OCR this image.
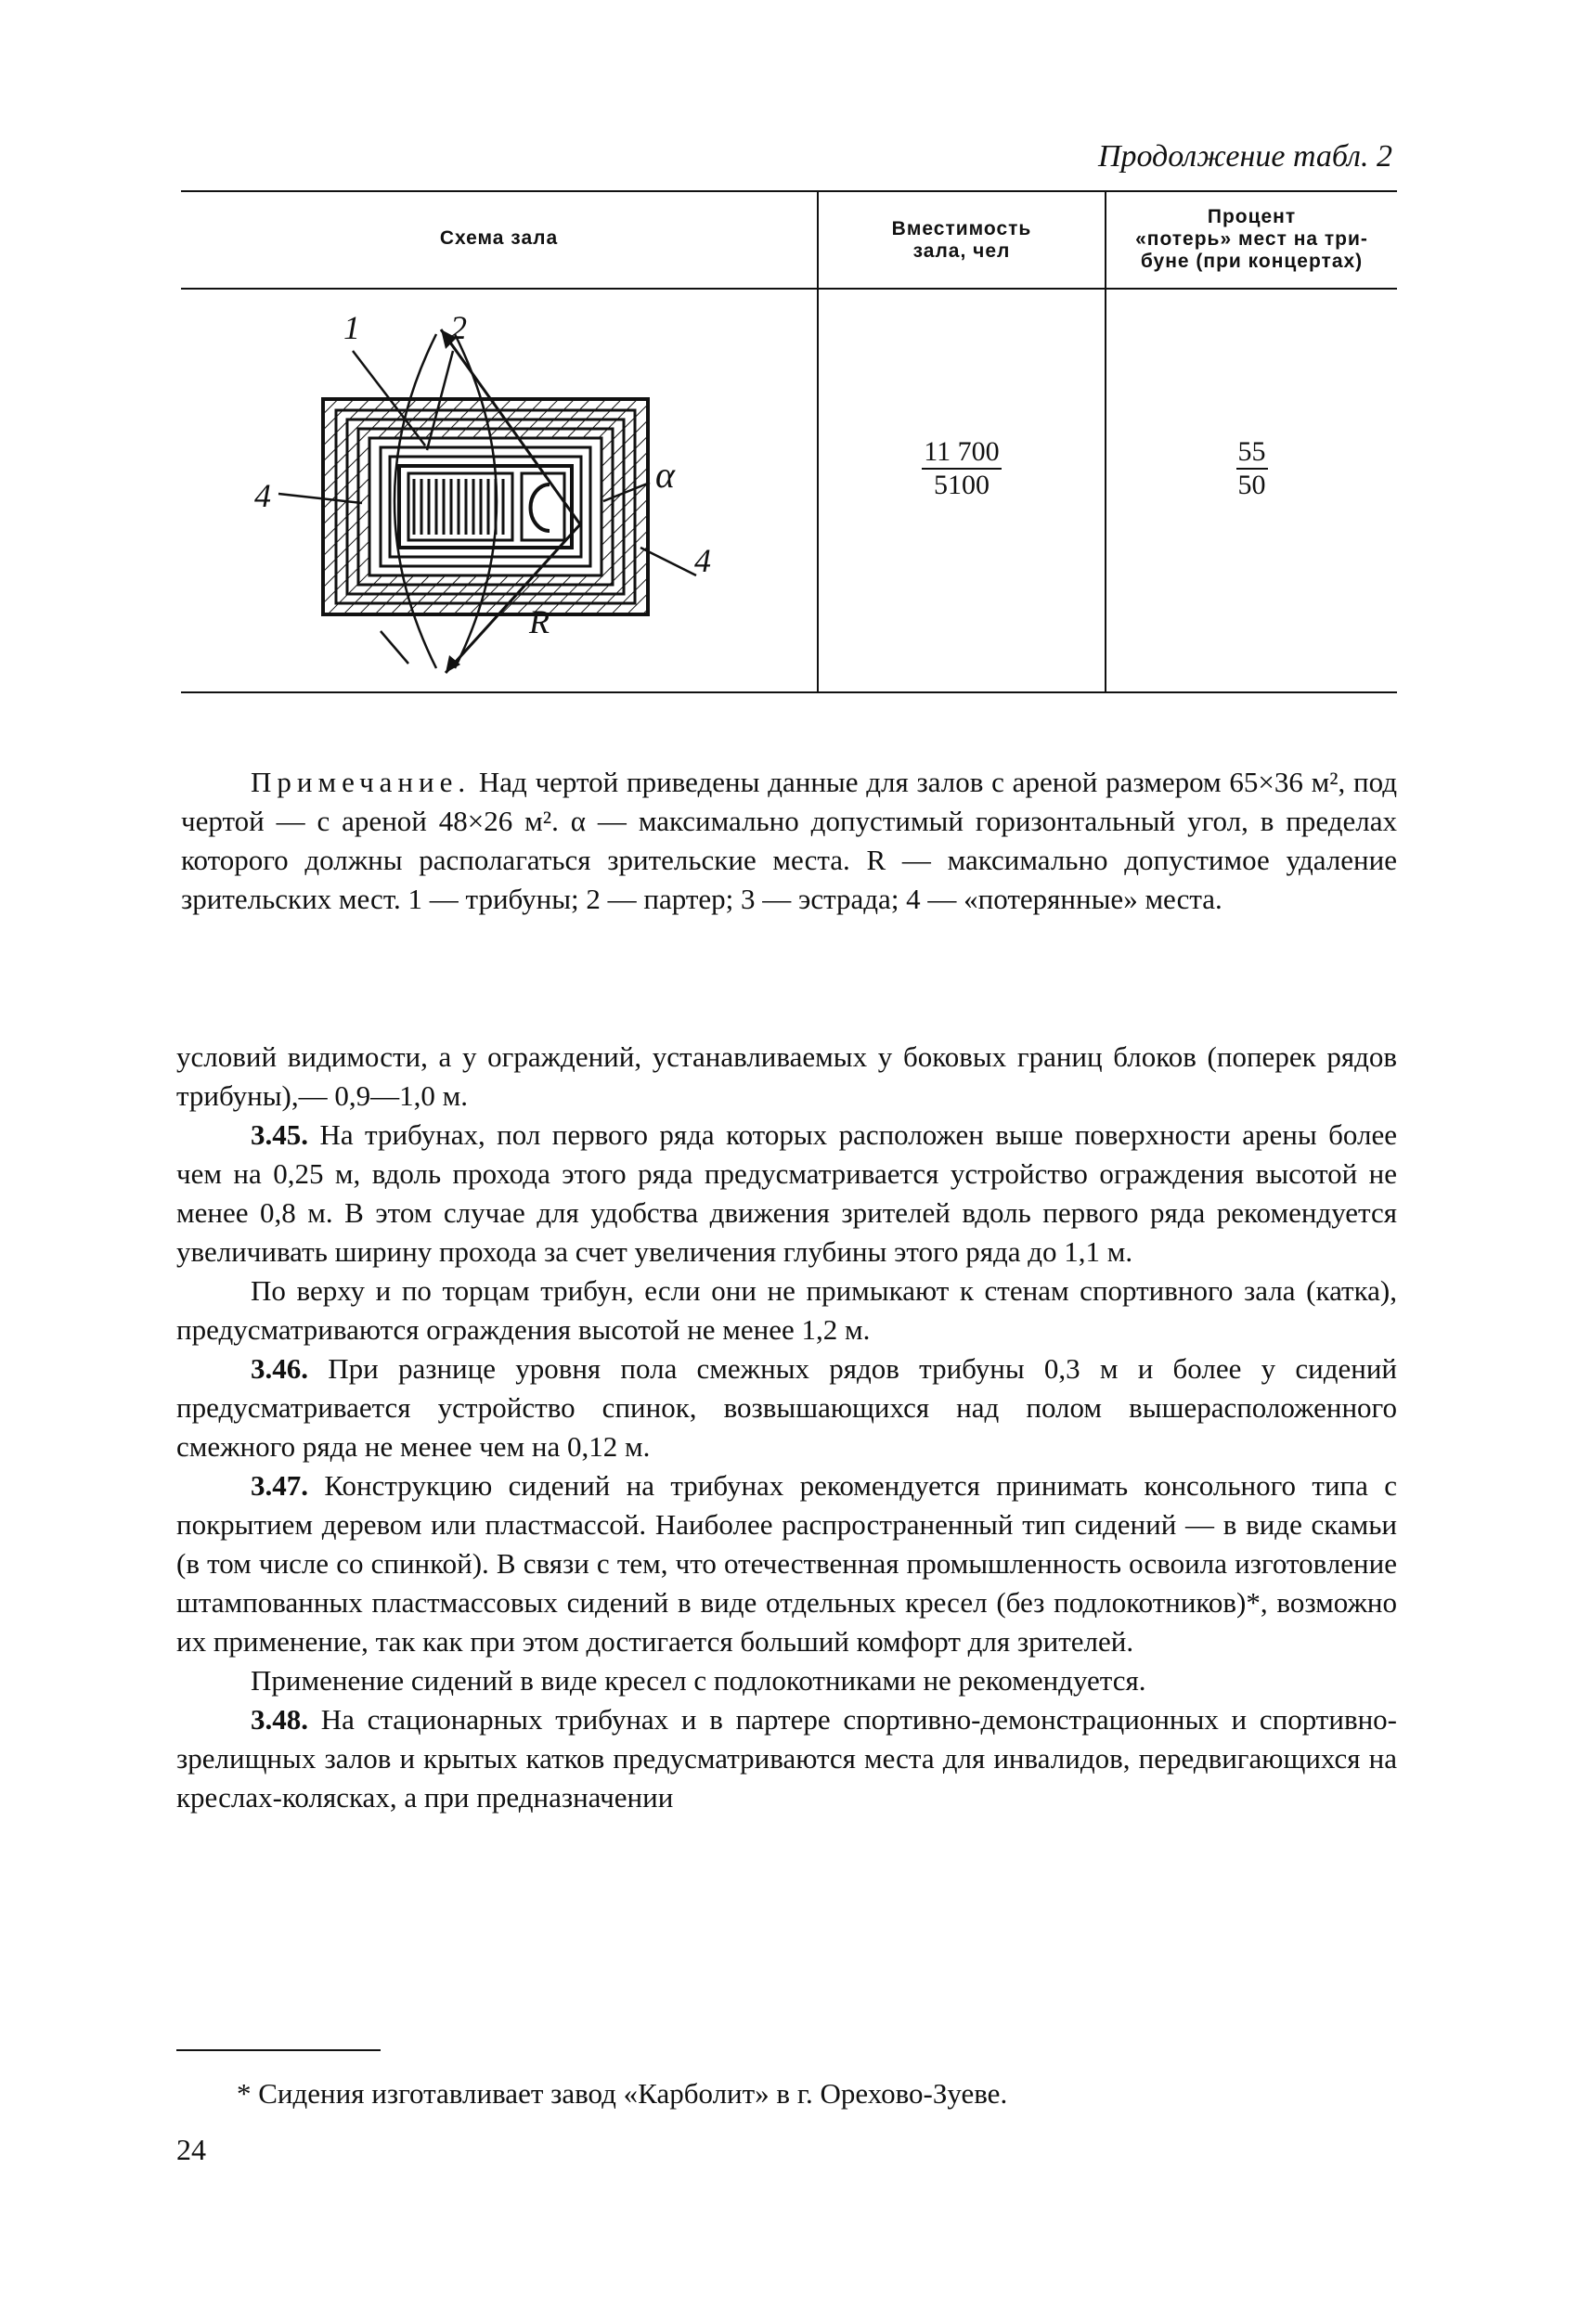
Продолжение табл. 2
Схема зала	Вместимость
зала, чел
Процент
«потерь» мест на три-
буне (при концертах)
1	2
4
4
α
R
11 700
5100
55
50
Примечание. Над чертой приведены данные для залов с ареной размером 65×36 м², под чертой — с ареной 48×26 м². α — максимально допустимый горизонтальный угол, в пределах которого должны располагаться зрительские места. R — максимально допустимое удаление зрительских мест. 1 — трибуны; 2 — партер; 3 — эстрада; 4 — «потерянные» места.

условий видимости, а у ограждений, устанавливаемых у боковых границ блоков (поперек рядов трибуны),— 0,9—1,0 м.

3.45. На трибунах, пол первого ряда которых расположен выше поверхности арены более чем на 0,25 м, вдоль прохода этого ряда предусматривается устройство ограждения высотой не менее 0,8 м. В этом случае для удобства движения зрителей вдоль первого ряда рекомендуется увеличивать ширину прохода за счет увеличения глубины этого ряда до 1,1 м.

По верху и по торцам трибун, если они не примыкают к стенам спортивного зала (катка), предусматриваются ограждения высотой не менее 1,2 м.

3.46. При разнице уровня пола смежных рядов трибуны 0,3 м и более у сидений предусматривается устройство спинок, возвышающихся над полом вышерасположенного смежного ряда не менее чем на 0,12 м.

3.47. Конструкцию сидений на трибунах рекомендуется принимать консольного типа с покрытием деревом или пластмассой. Наиболее распространенный тип сидений — в виде скамьи (в том числе со спинкой). В связи с тем, что отечественная промышленность освоила изготовление штампованных пластмассовых сидений в виде отдельных кресел (без подлокотников)*, возможно их применение, так как при этом достигается больший комфорт для зрителей.

Применение сидений в виде кресел с подлокотниками не рекомендуется.

3.48. На стационарных трибунах и в партере спортивно-демонстрационных и спортивно-зрелищных залов и крытых катков предусматриваются места для инвалидов, передвигающихся на креслах-колясках, а при предназначении

* Сидения изготавливает завод «Карболит» в г. Орехово-Зуеве.
24
